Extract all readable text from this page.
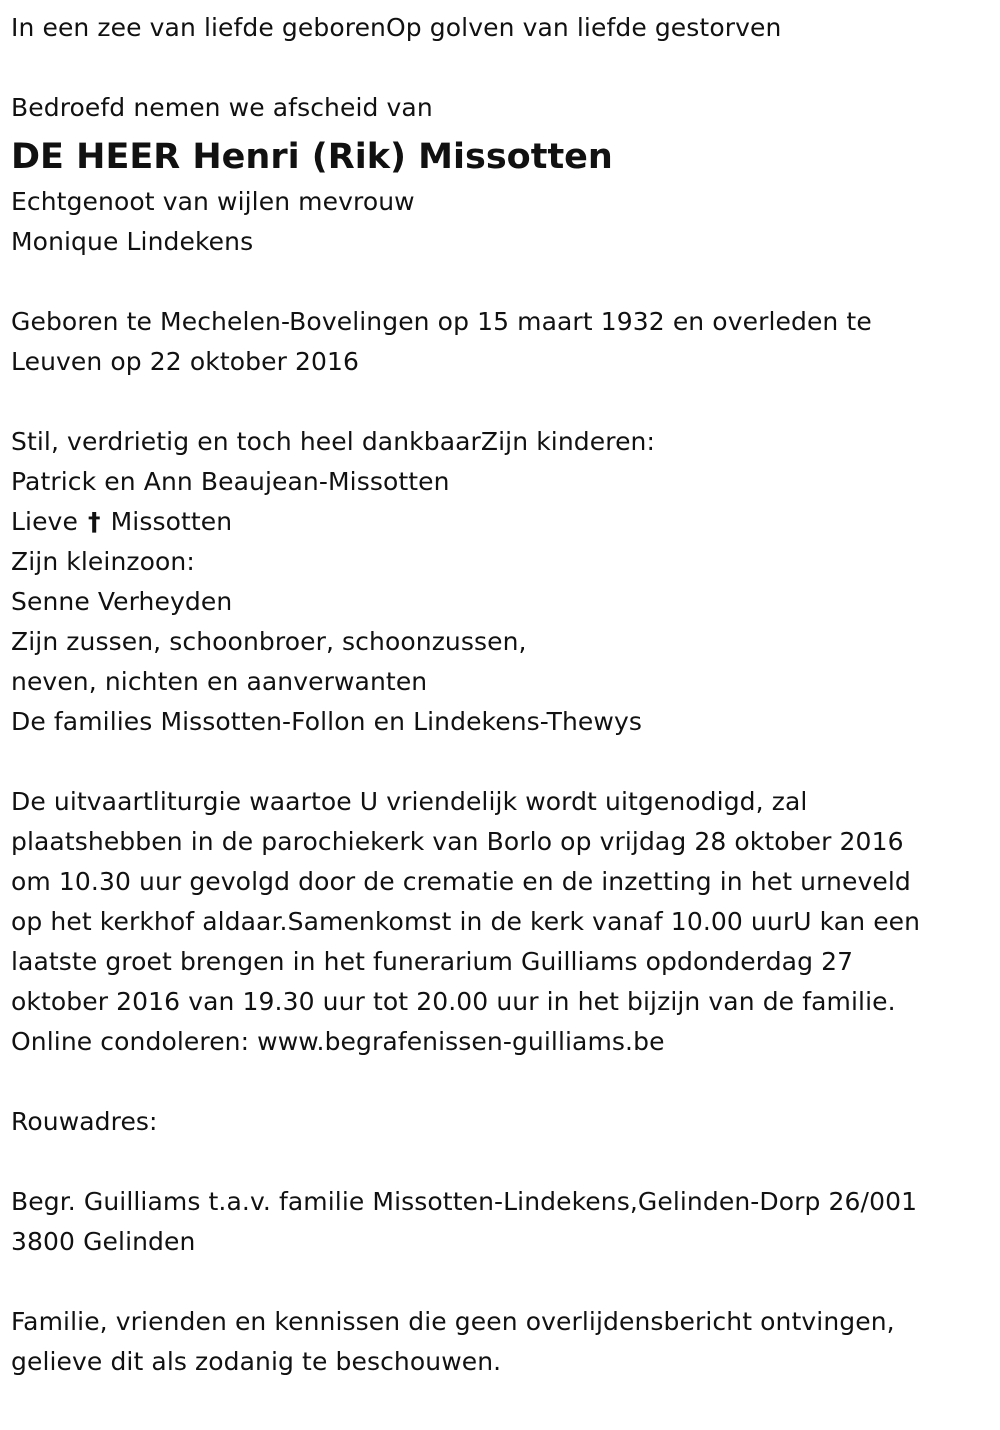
In een zee van liefde geborenOp golven van liefde gestorven
Bedroefd nemen we afscheid van
DE HEER Henri (Rik) Missotten
Echtgenoot van wijlen mevrouw
Monique Lindekens
Geboren te Mechelen-Bovelingen op 15 maart 1932 en overleden te
Leuven op 22 oktober 2016
Stil, verdrietig en toch heel dankbaarZijn kinderen:
Patrick en Ann Beaujean-Missotten
Lieve † Missotten
Zijn kleinzoon:
Senne Verheyden
Zijn zussen, schoonbroer, schoonzussen,
neven, nichten en aanverwanten
De families Missotten-Follon en Lindekens-Thewys
De uitvaartliturgie waartoe U vriendelijk wordt uitgenodigd, zal
plaatshebben in de parochiekerk van Borlo op vrijdag 28 oktober 2016
om 10.30 uur gevolgd door de crematie en de inzetting in het urneveld
op het kerkhof aldaar.Samenkomst in de kerk vanaf 10.00 uurU kan een
laatste groet brengen in het funerarium Guilliams opdonderdag 27
oktober 2016 van 19.30 uur tot 20.00 uur in het bijzijn van de familie.
Online condoleren: www.begrafenissen-guilliams.be
Rouwadres:
Begr. Guilliams t.a.v. familie Missotten-Lindekens,Gelinden-Dorp 26/001
3800 Gelinden
Familie, vrienden en kennissen die geen overlijdensbericht ontvingen,
gelieve dit als zodanig te beschouwen.
